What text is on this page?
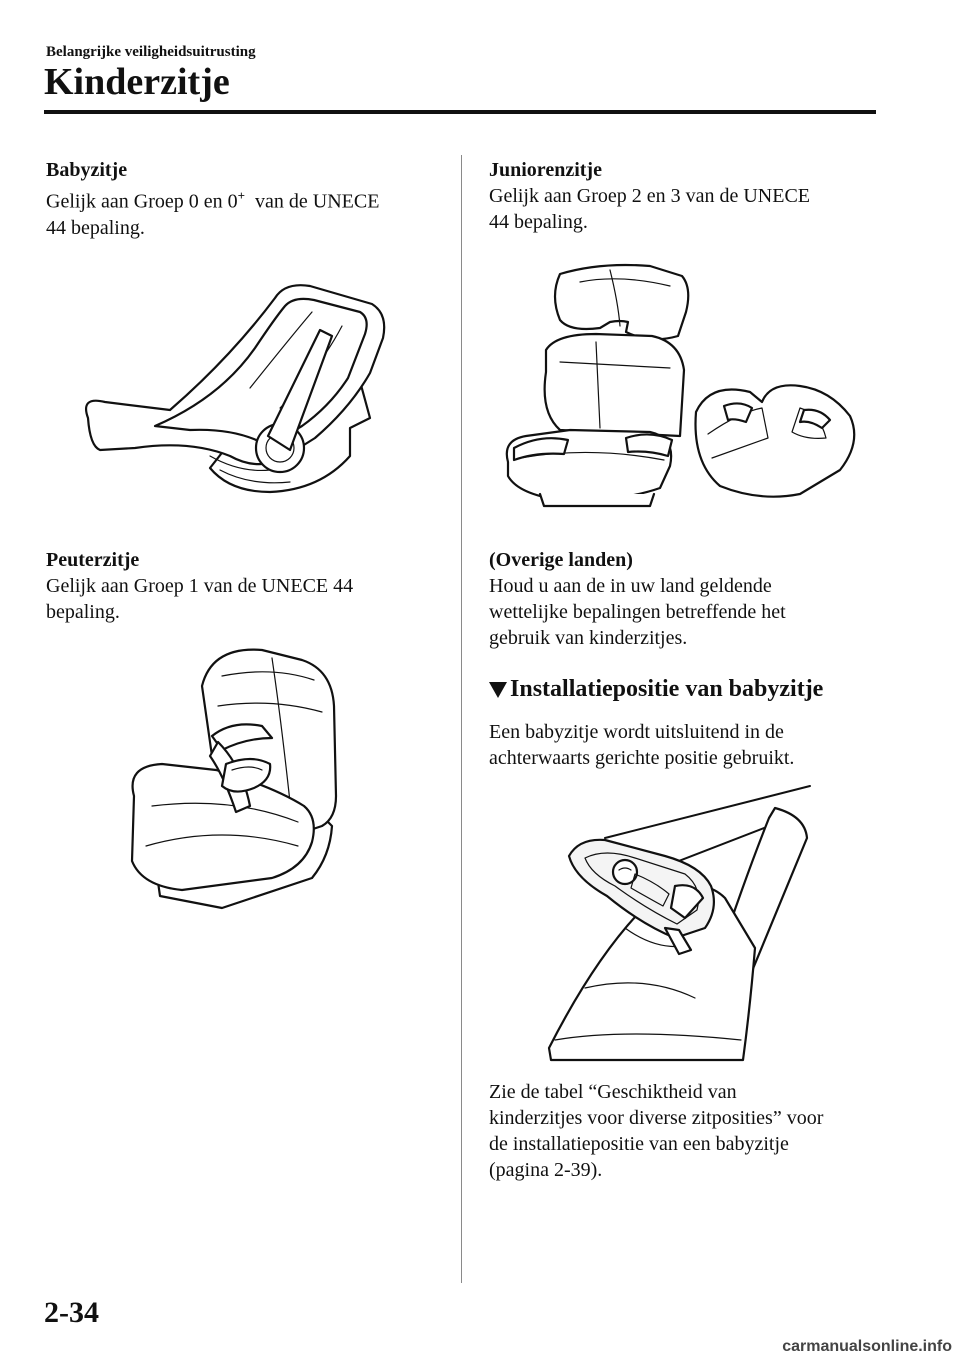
Belangrijke veiligheidsuitrusting
Kinderzitje
Babyzitje
Gelijk aan Groep 0 en 0+ van de UNECE
44 bepaling.
Peuterzitje
Gelijk aan Groep 1 van de UNECE 44
bepaling.
Juniorenzitje
Gelijk aan Groep 2 en 3 van de UNECE
44 bepaling.
(Overige landen)
Houd u aan de in uw land geldende
wettelijke bepalingen betreffende het
gebruik van kinderzitjes.
Installatiepositie van babyzitje
Een babyzitje wordt uitsluitend in de
achterwaarts gerichte positie gebruikt.
Zie de tabel “Geschiktheid van
kinderzitjes voor diverse zitposities” voor
de installatiepositie van een babyzitje
(pagina 2-39).
2-34
carmanualsonline.info
